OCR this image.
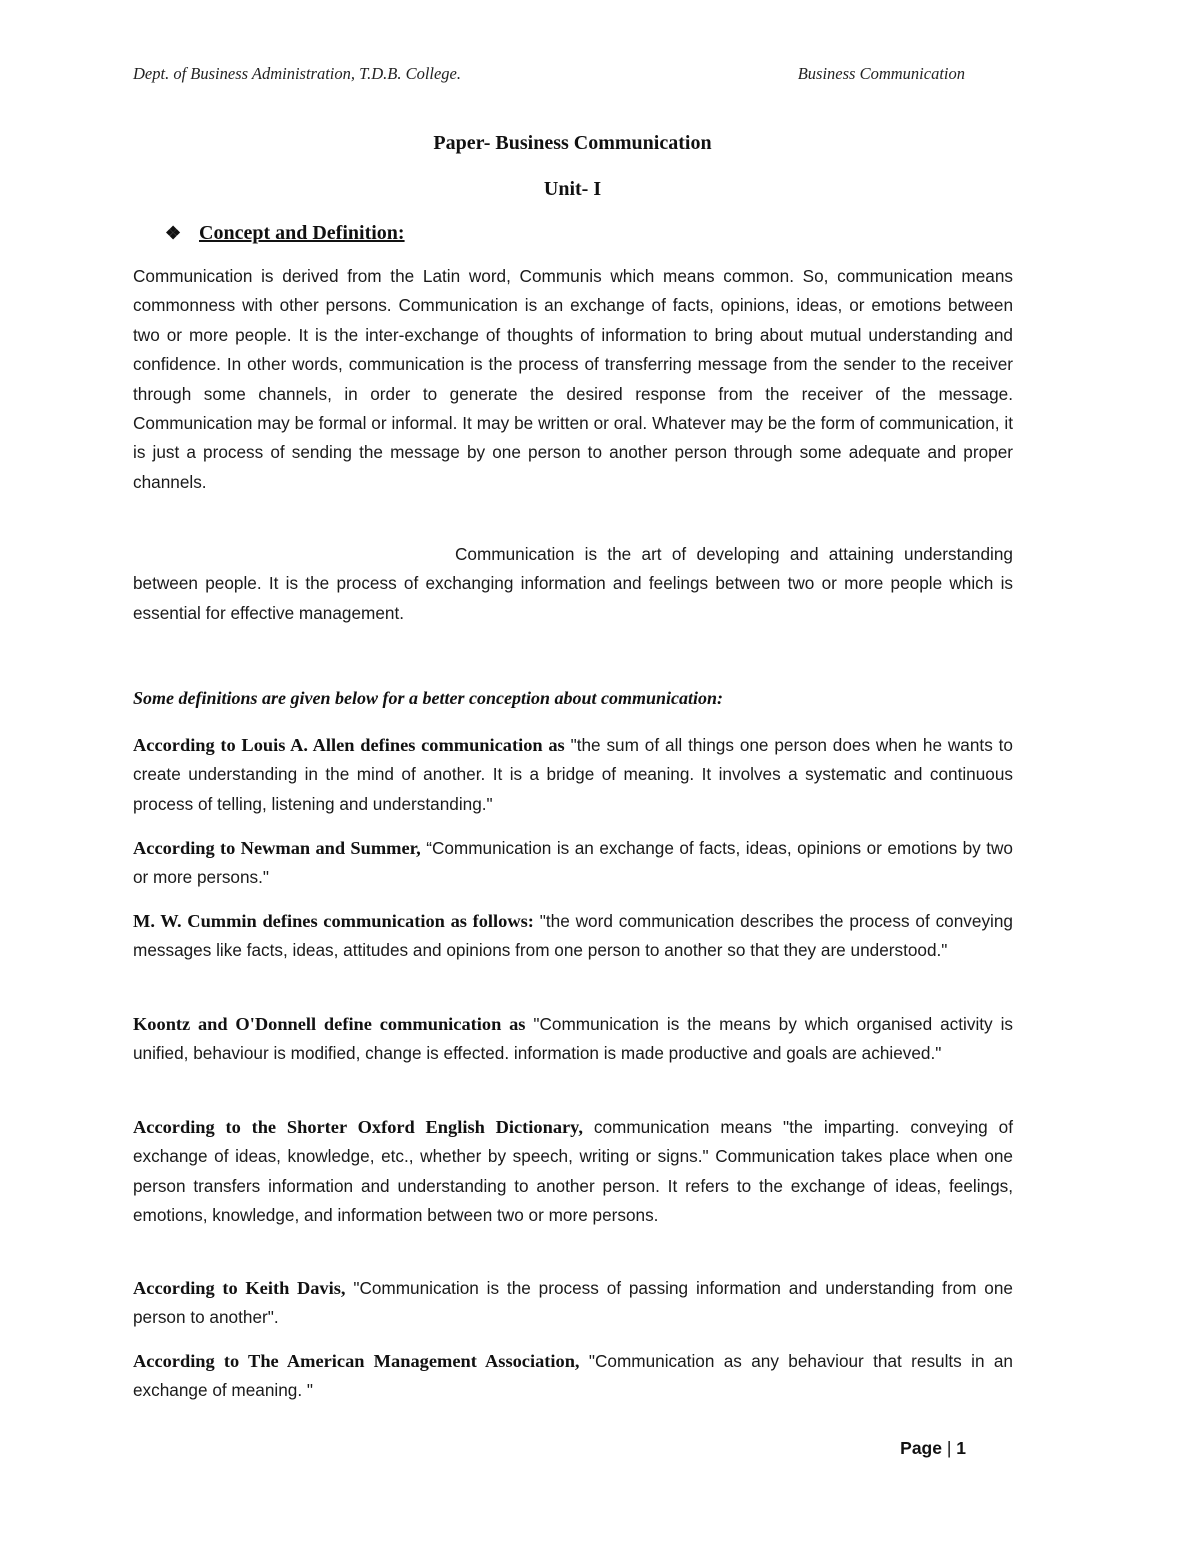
Dept. of Business Administration, T.D.B. College.	Business Communication
Paper- Business Communication
Unit- I
❖ Concept and Definition:
Communication is derived from the Latin word, Communis which means common. So, communication means commonness with other persons. Communication is an exchange of facts, opinions, ideas, or emotions between two or more people. It is the inter-exchange of thoughts of information to bring about mutual understanding and confidence. In other words, communication is the process of transferring message from the sender to the receiver through some channels, in order to generate the desired response from the receiver of the message. Communication may be formal or informal. It may be written or oral. Whatever may be the form of communication, it is just a process of sending the message by one person to another person through some adequate and proper channels.
Communication is the art of developing and attaining understanding between people. It is the process of exchanging information and feelings between two or more people which is essential for effective management.
Some definitions are given below for a better conception about communication:
According to Louis A. Allen defines communication as "the sum of all things one person does when he wants to create understanding in the mind of another. It is a bridge of meaning. It involves a systematic and continuous process of telling, listening and understanding."
According to Newman and Summer, “Communication is an exchange of facts, ideas, opinions or emotions by two or more persons."
M. W. Cummin defines communication as follows: "the word communication describes the process of conveying messages like facts, ideas, attitudes and opinions from one person to another so that they are understood."
Koontz and O'Donnell define communication as "Communication is the means by which organised activity is unified, behaviour is modified, change is effected. information is made productive and goals are achieved."
According to the Shorter Oxford English Dictionary, communication means "the imparting. conveying of exchange of ideas, knowledge, etc., whether by speech, writing or signs." Communication takes place when one person transfers information and understanding to another person. It refers to the exchange of ideas, feelings, emotions, knowledge, and information between two or more persons.
According to Keith Davis, "Communication is the process of passing information and understanding from one person to another".
According to The American Management Association, "Communication as any behaviour that results in an exchange of meaning. "
Page | 1
